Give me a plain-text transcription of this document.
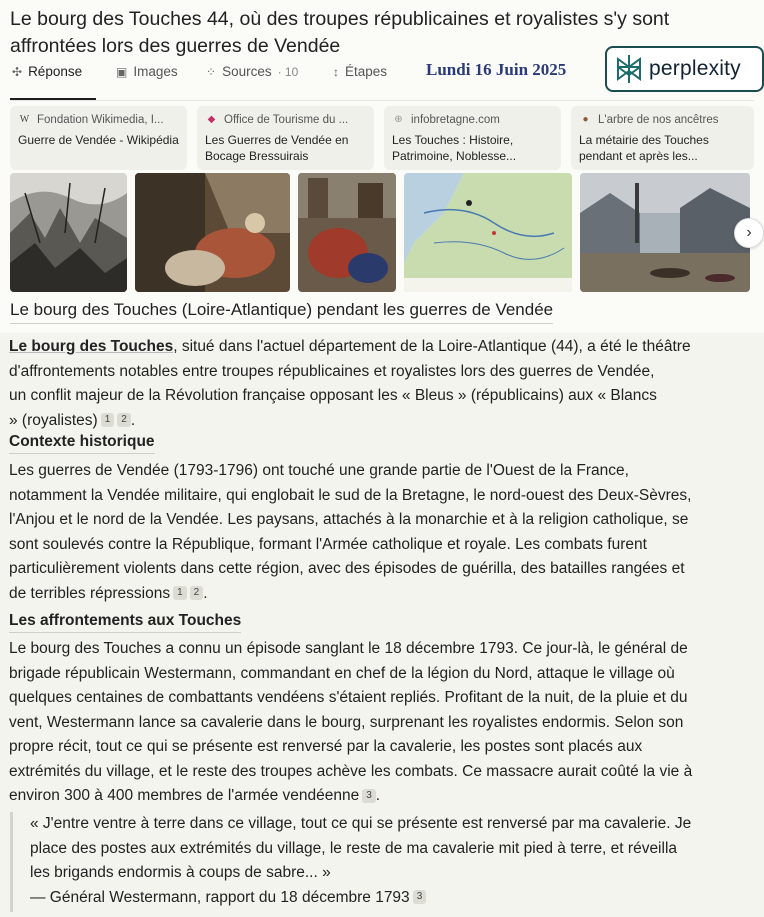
Le bourg des Touches 44, où des troupes républicaines et royalistes s'y sont affrontées lors des guerres de Vendée
✣ Réponse	▣ Images ⁘ Sources · 10	↕ Étapes Lundi 16 Juin 2025	perplexity
W Fondation Wikimedia, I...
Guerre de Vendée - Wikipédia
◆ Office de Tourisme du ...
Les Guerres de Vendée en Bocage Bressuirais
⊕ infobretagne.com
Les Touches : Histoire, Patrimoine, Noblesse...
● L'arbre de nos ancêtres
La métairie des Touches pendant et après les...
›
Le bourg des Touches (Loire-Atlantique) pendant les guerres de Vendée
Le bourg des Touches, situé dans l'actuel département de la Loire-Atlantique (44), a été le théâtre
d'affrontements notables entre troupes républicaines et royalistes lors des guerres de Vendée,
un conflit majeur de la Révolution française opposant les « Bleus » (républicains) aux « Blancs
» (royalistes) 1 2 .
Contexte historique
Les guerres de Vendée (1793-1796) ont touché une grande partie de l'Ouest de la France,
notamment la Vendée militaire, qui englobait le sud de la Bretagne, le nord-ouest des Deux-Sèvres,
l'Anjou et le nord de la Vendée. Les paysans, attachés à la monarchie et à la religion catholique, se
sont soulevés contre la République, formant l'Armée catholique et royale. Les combats furent
particulièrement violents dans cette région, avec des épisodes de guérilla, des batailles rangées et
de terribles répressions 1 2 .
Les affrontements aux Touches
Le bourg des Touches a connu un épisode sanglant le 18 décembre 1793. Ce jour-là, le général de
brigade républicain Westermann, commandant en chef de la légion du Nord, attaque le village où
quelques centaines de combattants vendéens s'étaient repliés. Profitant de la nuit, de la pluie et du
vent, Westermann lance sa cavalerie dans le bourg, surprenant les royalistes endormis. Selon son
propre récit, tout ce qui se présente est renversé par la cavalerie, les postes sont placés aux
extrémités du village, et le reste des troupes achève les combats. Ce massacre aurait coûté la vie à
environ 300 à 400 membres de l'armée vendéenne 3 .
« J'entre ventre à terre dans ce village, tout ce qui se présente est renversé par ma cavalerie. Je
place des postes aux extrémités du village, le reste de ma cavalerie mit pied à terre, et réveilla
les brigands endormis à coups de sabre... »
— Général Westermann, rapport du 18 décembre 1793 3
